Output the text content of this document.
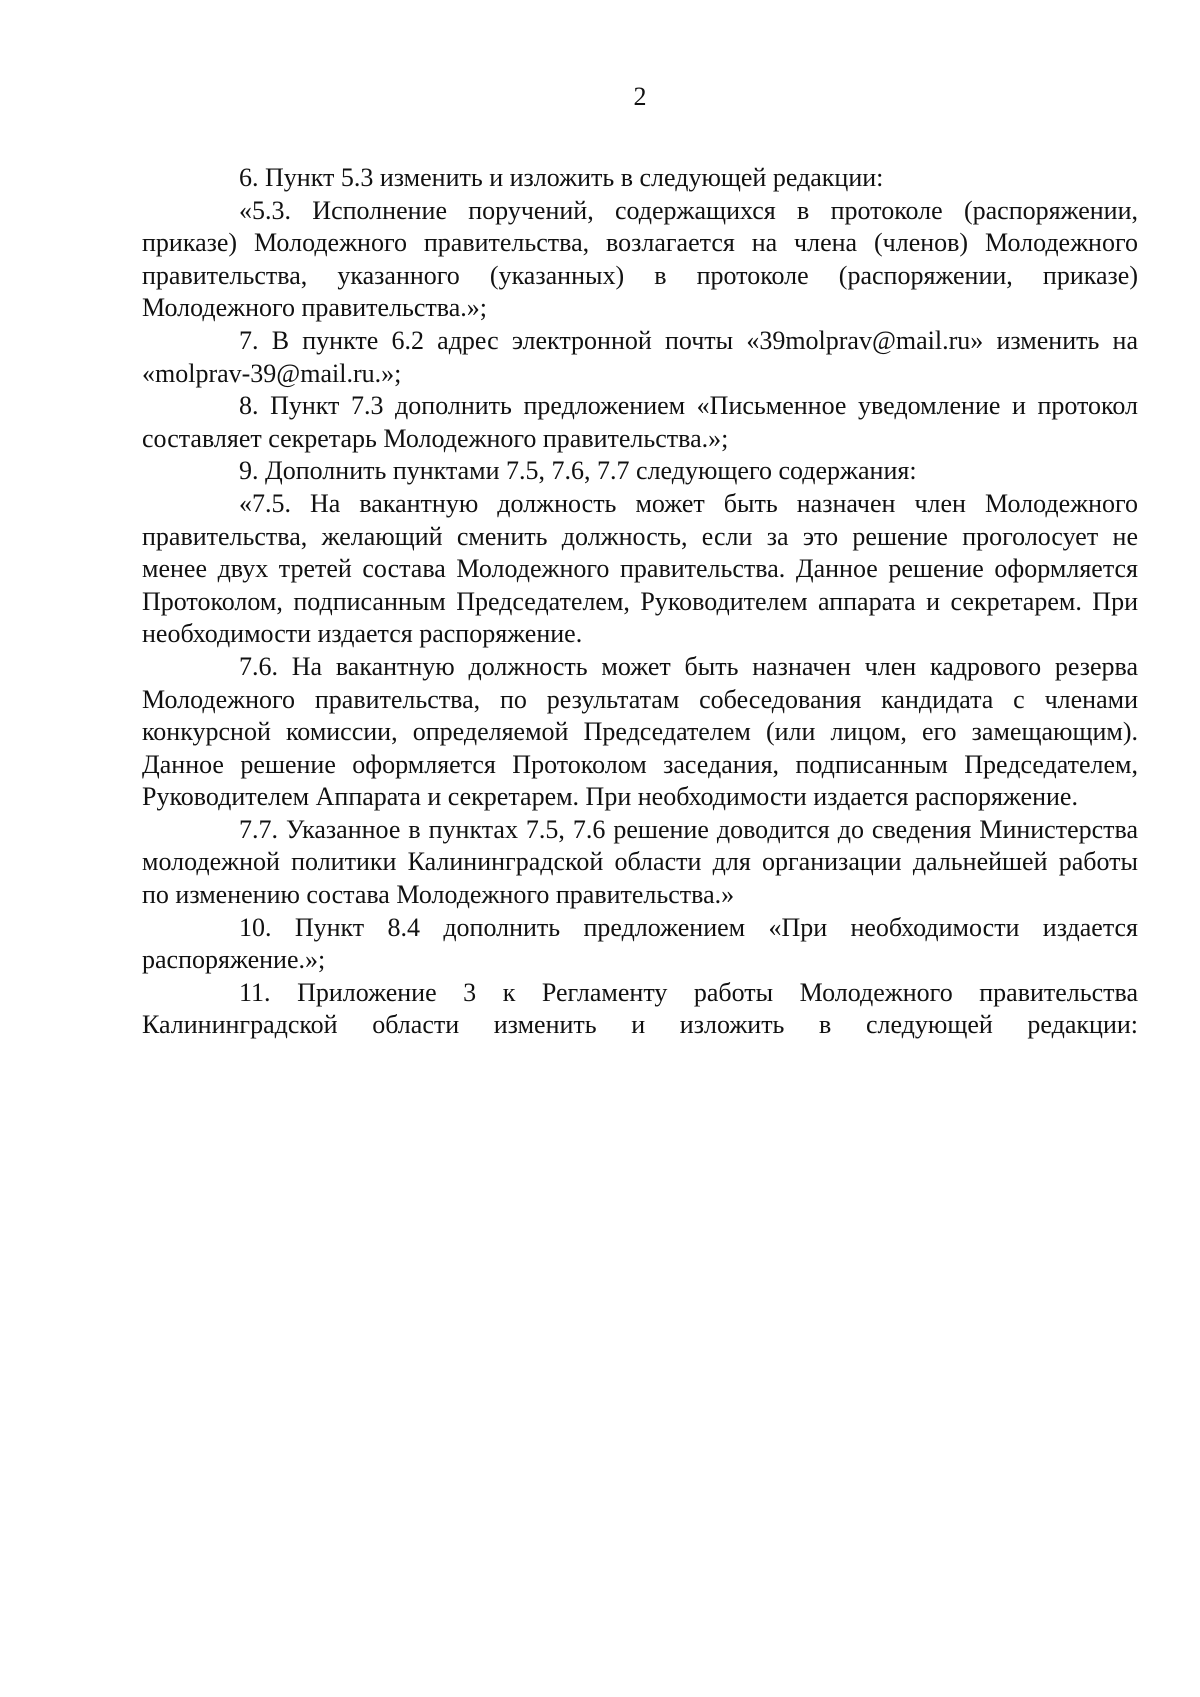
2

6. Пункт 5.3 изменить и изложить в следующей редакции:

«5.3. Исполнение поручений, содержащихся в протоколе (распоряжении, приказе) Молодежного правительства, возлагается на члена (членов) Молодежного правительства, указанного (указанных) в протоколе (распоряжении, приказе) Молодежного правительства.»;

7. В пункте 6.2 адрес электронной почты «39molprav@mail.ru» изменить на «molprav-39@mail.ru.»;

8. Пункт 7.3 дополнить предложением «Письменное уведомление и протокол составляет секретарь Молодежного правительства.»;

9. Дополнить пунктами 7.5, 7.6, 7.7 следующего содержания:

«7.5. На вакантную должность может быть назначен член Молодежного правительства, желающий сменить должность, если за это решение проголосует не менее двух третей состава Молодежного правительства. Данное решение оформляется Протоколом, подписанным Председателем, Руководителем аппарата и секретарем. При необходимости издается распоряжение.

7.6. На вакантную должность может быть назначен член кадрового резерва Молодежного правительства, по результатам собеседования кандидата с членами конкурсной комиссии, определяемой Председателем (или лицом, его замещающим). Данное решение оформляется Протоколом заседания, подписанным Председателем, Руководителем Аппарата и секретарем. При необходимости издается распоряжение.

7.7. Указанное в пунктах 7.5, 7.6 решение доводится до сведения Министерства молодежной политики Калининградской области для организации дальнейшей работы по изменению состава Молодежного правительства.»

10. Пункт 8.4 дополнить предложением «При необходимости издается распоряжение.»;

11. Приложение 3 к Регламенту работы Молодежного правительства Калининградской области изменить и изложить в следующей редакции:
